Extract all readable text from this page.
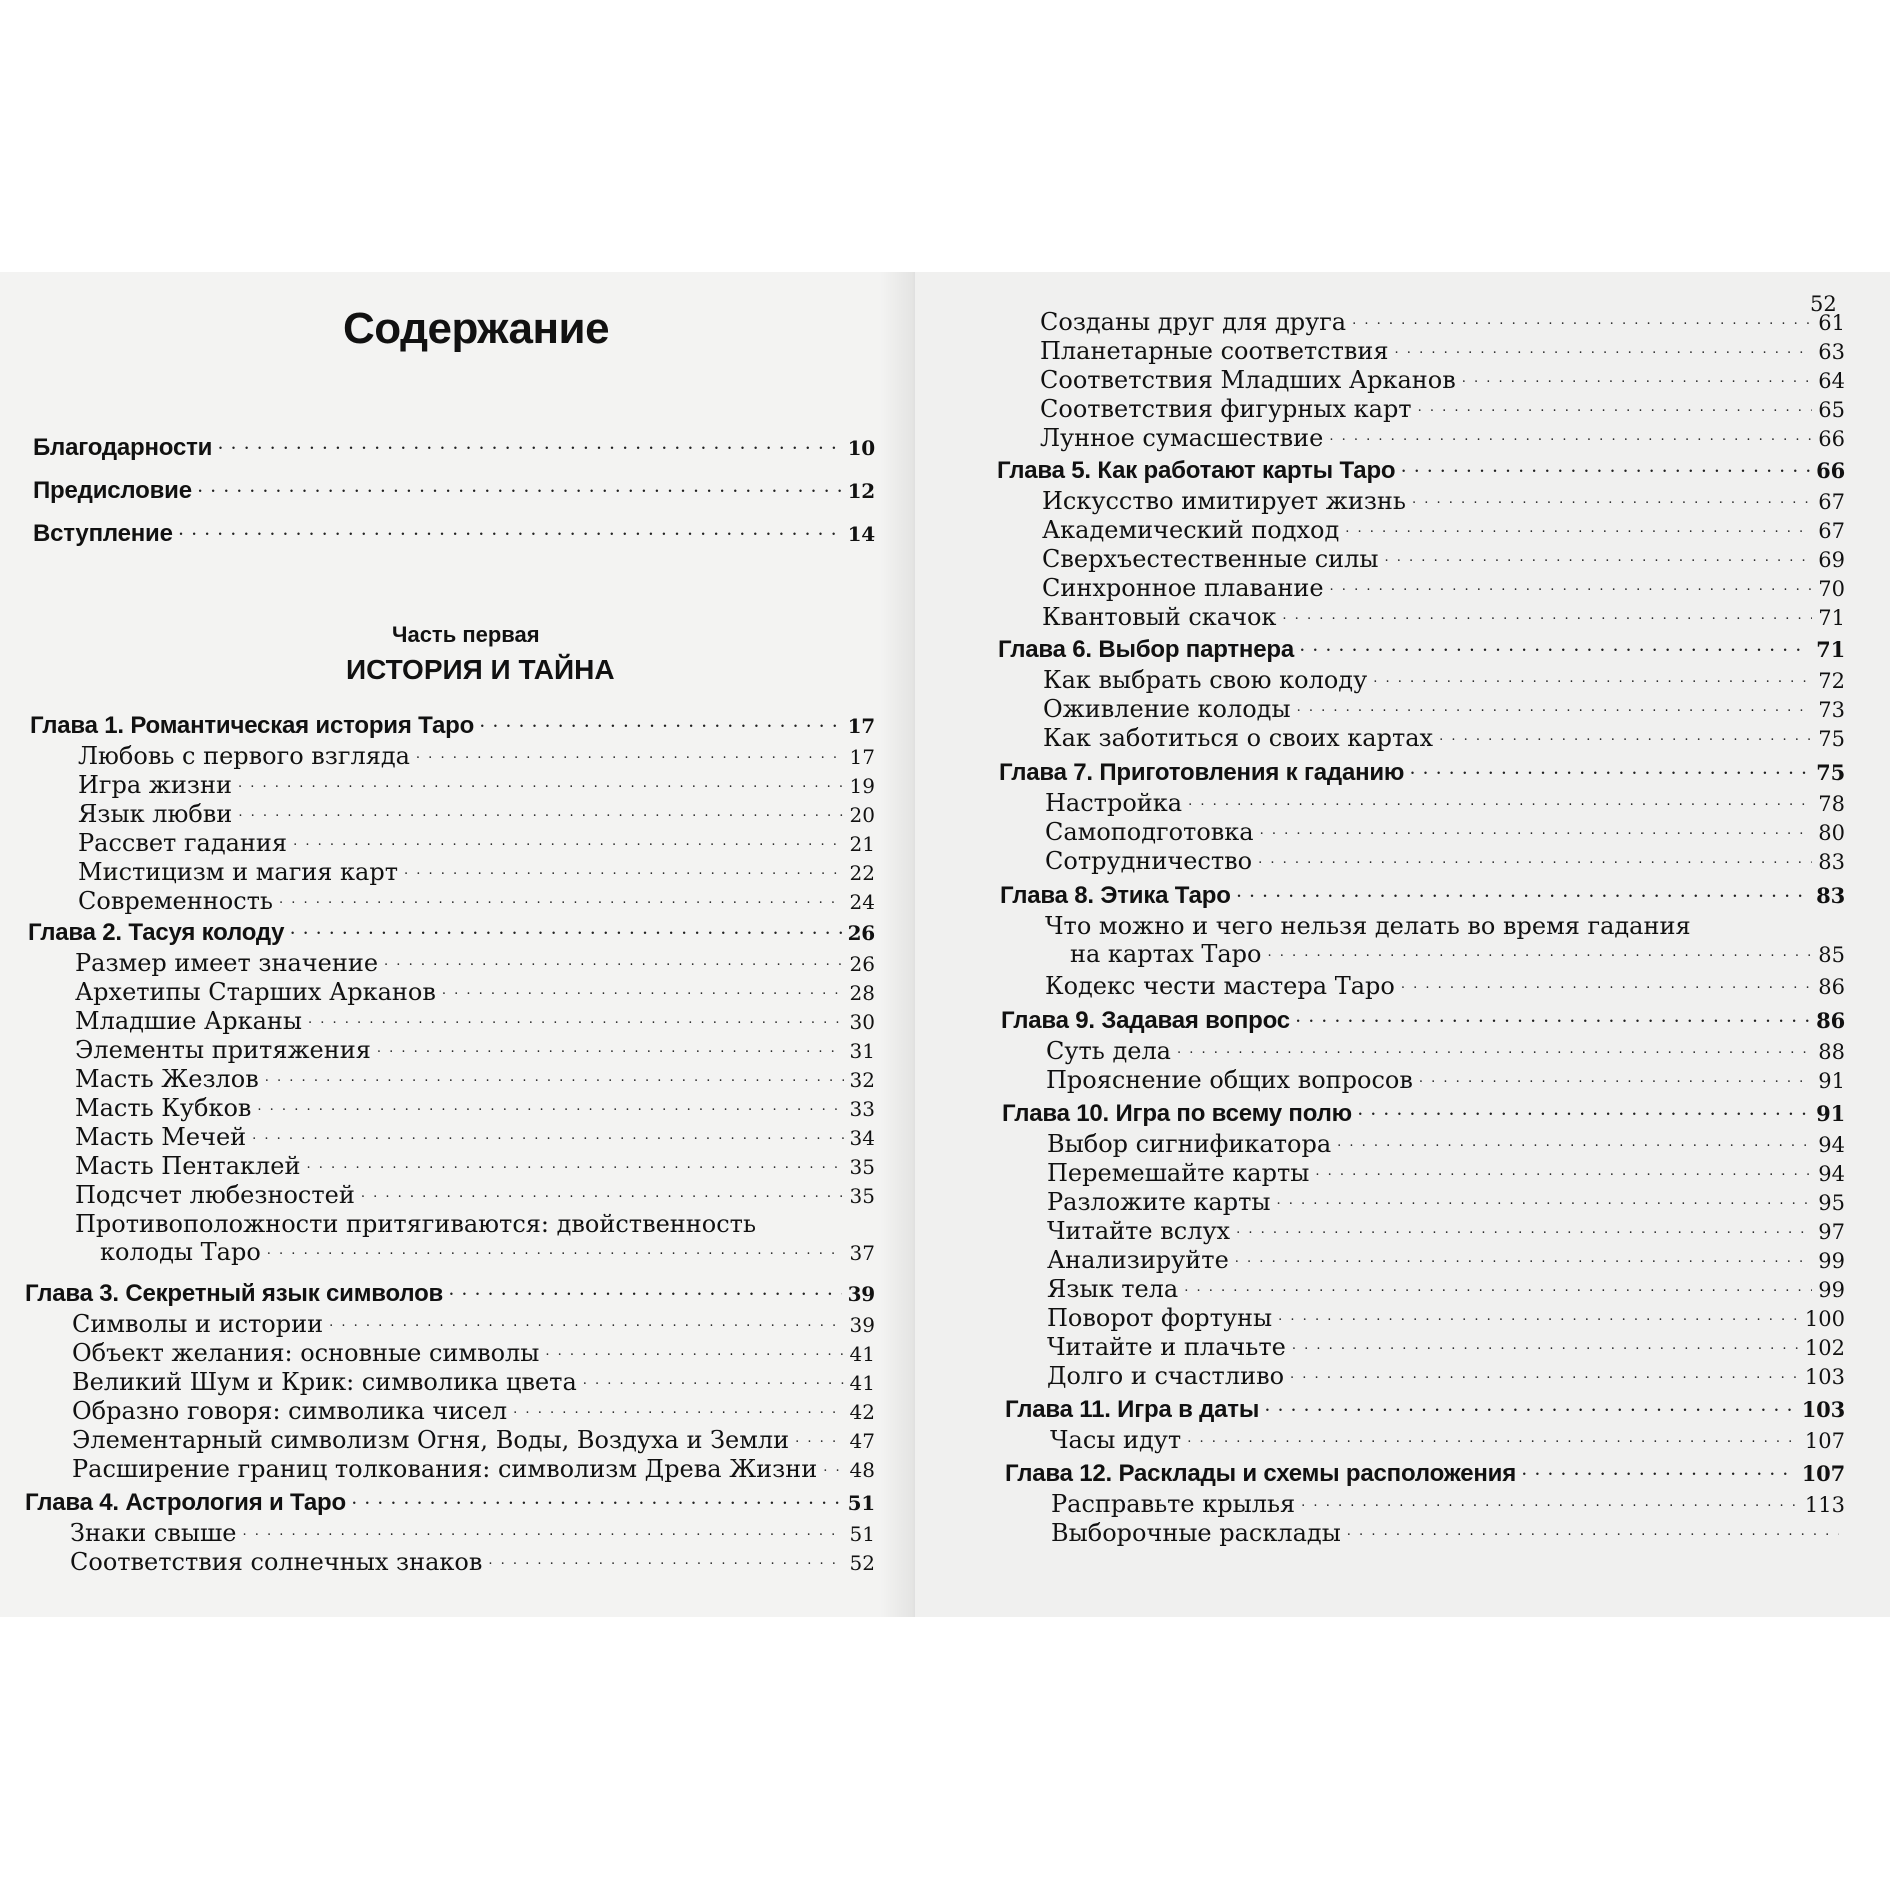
Содержание
Благодарности . . .	10
Предисловие . . .	12
Вступление . . .	14
Часть первая
ИСТОРИЯ И ТАЙНА
Глава 1. Романтическая история Таро . . .	17
Любовь с первого взгляда . . .	17
Игра жизни . . .	19
Язык любви . . .	20
Рассвет гадания . . .	21
Мистицизм и магия карт . . .	22
Современность . . .	24
Глава 2. Тасуя колоду . . .	26
Размер имеет значение . . .	26
Архетипы Старших Арканов . . .	28
Младшие Арканы . . .	30
Элементы притяжения . . .	31
Масть Жезлов . . .	32
Масть Кубков . . .	33
Масть Мечей . . .	34
Масть Пентаклей . . .	35
Подсчет любезностей . . .	35
Противоположности притягиваются: двойственность
колоды Таро . . .	37
Глава 3. Секретный язык символов . . .	39
Символы и истории . . .	39
Объект желания: основные символы . . .	41
Великий Шум и Крик: символика цвета . . .	41
Образно говоря: символика чисел . . .	42
Элементарный символизм Огня, Воды, Воздуха и Земли . . .	47
Расширение границ толкования: символизм Древа Жизни . . . 48
Глава 4. Астрология и Таро . . .	51
Знаки свыше . . .	51
Соответствия солнечных знаков . . .	52
52
Созданы друг для друга . . .	61
Планетарные соответствия . . .	63
Соответствия Младших Арканов . . .	64
Соответствия фигурных карт . . .	65
Лунное сумасшествие . . .	66
Глава 5. Как работают карты Таро . . .	66
Искусство имитирует жизнь . . .	67
Академический подход . . .	67
Сверхъестественные силы . . .	69
Синхронное плавание . . .	70
Квантовый скачок . . .	71
Глава 6. Выбор партнера . . .	71
Как выбрать свою колоду . . .	72
Оживление колоды . . .	73
Как заботиться о своих картах . . .	75
Глава 7. Приготовления к гаданию . . .	75
Настройка . . .	78
Самоподготовка . . .	80
Сотрудничество . . .	83
Глава 8. Этика Таро . . .	83
Что можно и чего нельзя делать во время гадания
на картах Таро . . .	85
Кодекс чести мастера Таро . . .	86
Глава 9. Задавая вопрос . . .	86
Суть дела . . .	88
Прояснение общих вопросов . . .	91
Глава 10. Игра по всему полю . . .	91
Выбор сигнификатора . . .	94
Перемешайте карты . . .	94
Разложите карты . . .	95
Читайте вслух . . .	97
Анализируйте . . .	99
Язык тела . . .	99
Поворот фортуны . . .	100
Читайте и плачьте . . .	102
Долго и счастливо . . .	103
Глава 11. Игра в даты . . .	103
Часы идут . . .	107
Глава 12. Расклады и схемы расположения . . .	107
Расправьте крылья . . .	113
Выборочные расклады
. . .
